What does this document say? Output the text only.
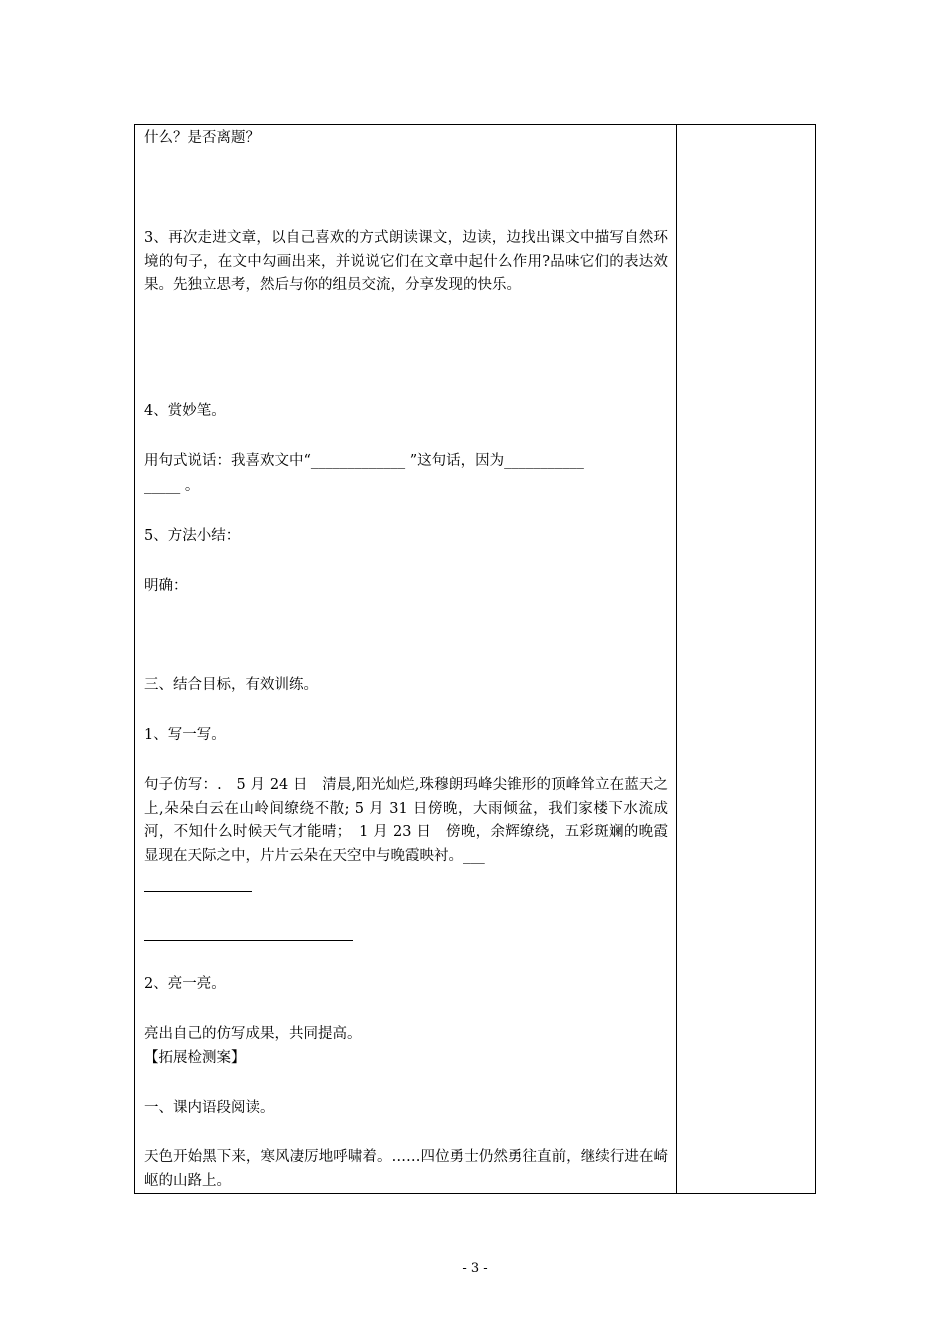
什么？是否离题？
3、再次走进文章，以自己喜欢的方式朗读课文，边读，边找出课文中描写自然环境的句子，在文中勾画出来，并说说它们在文章中起什么作用?品味它们的表达效果。先独立思考，然后与你的组员交流，分享发现的快乐。
4、赏妙笔。
用句式说话：我喜欢文中“_____________ ”这句话，因为___________
_____ 。
5、方法小结：
明确：
三、结合目标，有效训练。
1、写一写。
句子仿写：.　5 月 24 日　清晨,阳光灿烂,珠穆朗玛峰尖锥形的顶峰耸立在蓝天之上,朵朵白云在山岭间缭绕不散; 5 月 31 日傍晚，大雨倾盆，我们家楼下水流成河，不知什么时候天气才能晴；　1 月 23 日　傍晚，余辉缭绕，五彩斑斓的晚霞显现在天际之中，片片云朵在天空中与晚霞映衬。___
2、亮一亮。
亮出自己的仿写成果，共同提高。
【拓展检测案】
一、课内语段阅读。
天色开始黑下来，寒风凄厉地呼啸着。……四位勇士仍然勇往直前，继续行进在崎岖的山路上。
- 3 -
